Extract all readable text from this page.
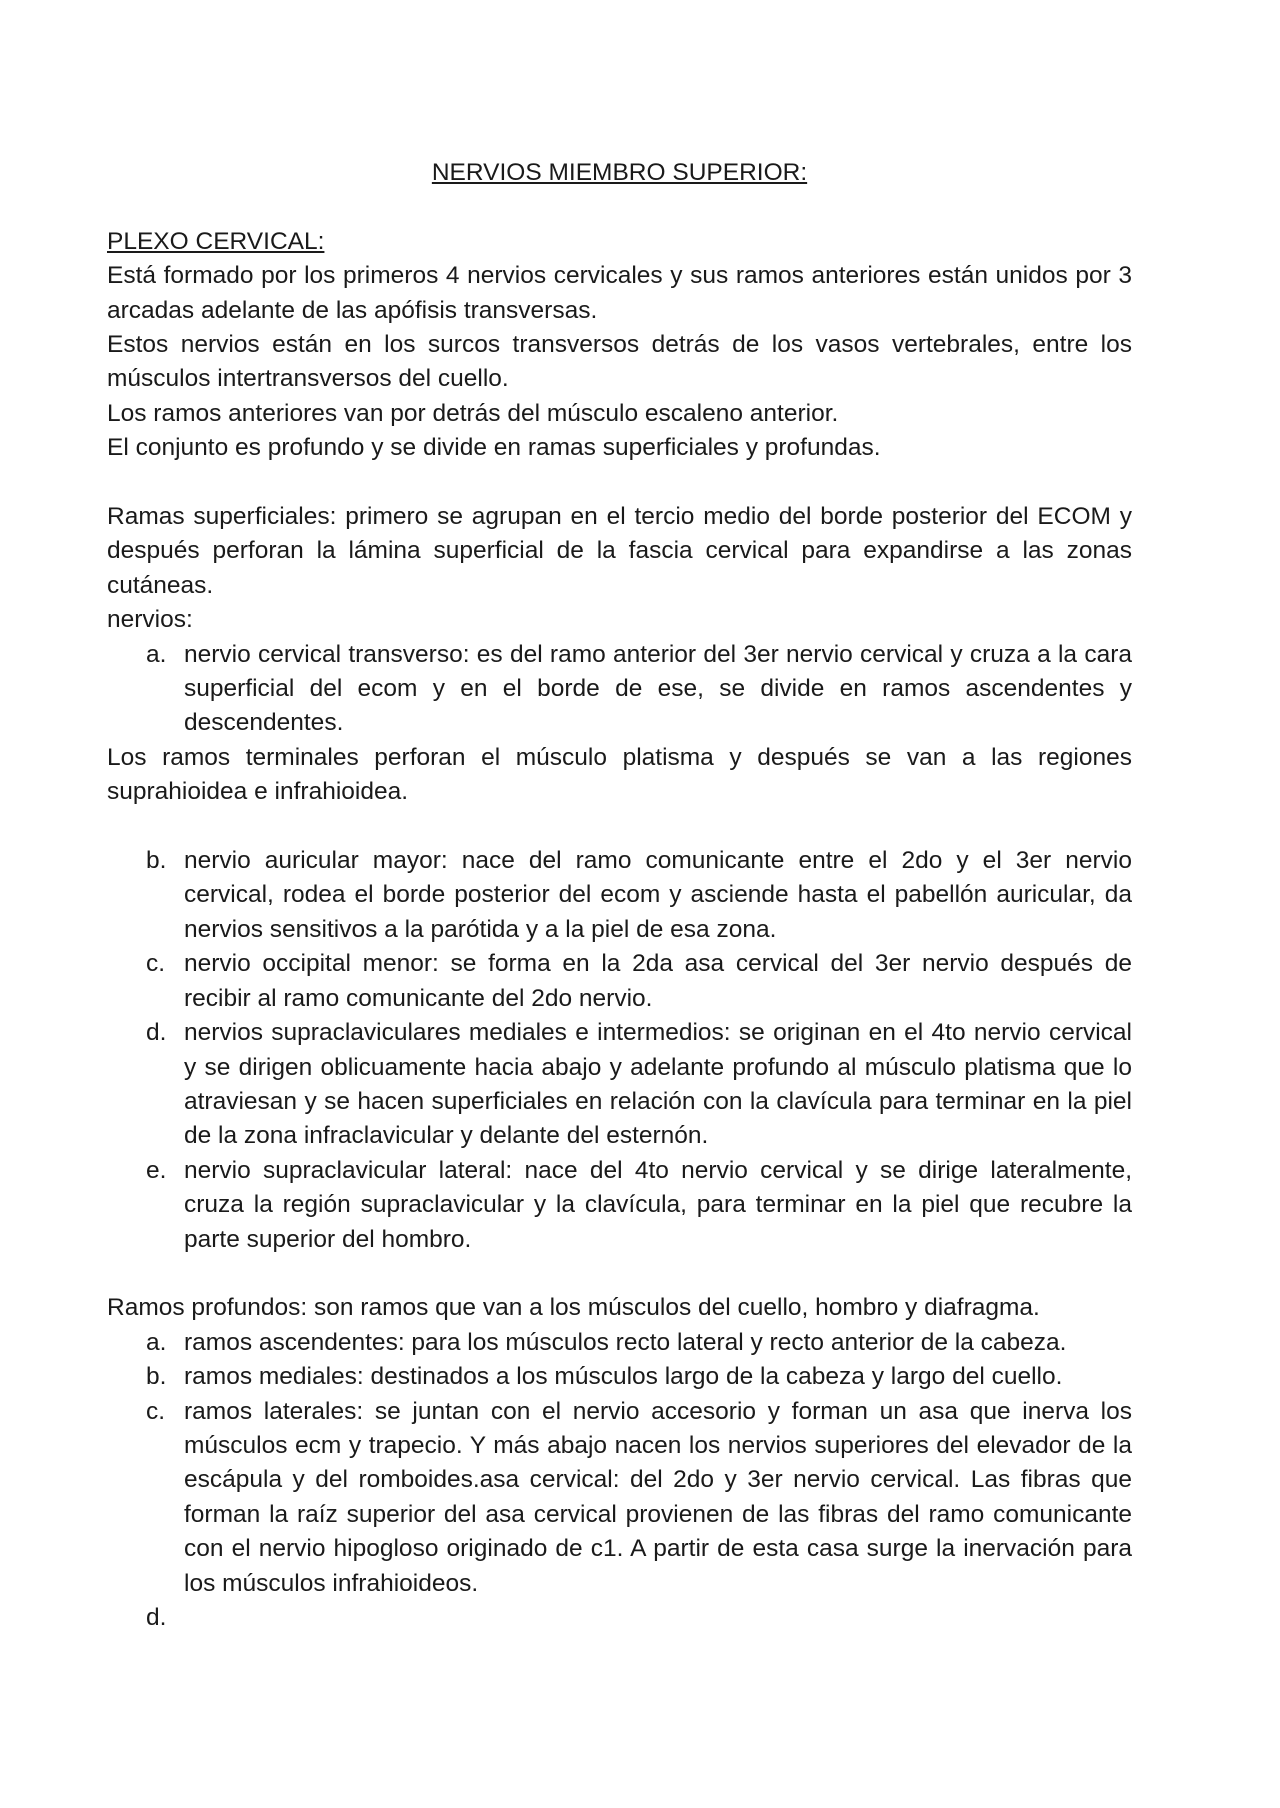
NERVIOS MIEMBRO SUPERIOR:
PLEXO CERVICAL:

Está formado por los primeros 4 nervios cervicales y sus ramos anteriores están unidos por 3 arcadas adelante de las apófisis transversas.

Estos nervios están en los surcos transversos detrás de los vasos vertebrales, entre los músculos intertransversos del cuello.

Los ramos anteriores van por detrás del músculo escaleno anterior.

El conjunto es profundo y se divide en ramas superficiales y profundas.

Ramas superficiales: primero se agrupan en el tercio medio del borde posterior del ECOM y después perforan la lámina superficial de la fascia cervical para expandirse a las zonas cutáneas.

nervios:

a. nervio cervical transverso: es del ramo anterior del 3er nervio cervical y cruza a la cara superficial del ecom y en el borde de ese, se divide en ramos ascendentes y descendentes.

Los ramos terminales perforan el músculo platisma y después se van a las regiones suprahioidea e infrahioidea.

b. nervio auricular mayor: nace del ramo comunicante entre el 2do y el 3er nervio cervical, rodea el borde posterior del ecom y asciende hasta el pabellón auricular, da nervios sensitivos a la parótida y a la piel de esa zona.
c. nervio occipital menor: se forma en la 2da asa cervical del 3er nervio después de recibir al ramo comunicante del 2do nervio.
d. nervios supraclaviculares mediales e intermedios: se originan en el 4to nervio cervical y se dirigen oblicuamente hacia abajo y adelante profundo al músculo platisma que lo atraviesan y se hacen superficiales en relación con la clavícula para terminar en la piel de la zona infraclavicular y delante del esternón.
e. nervio supraclavicular lateral: nace del 4to nervio cervical y se dirige lateralmente, cruza la región supraclavicular y la clavícula, para terminar en la piel que recubre la parte superior del hombro.

Ramos profundos: son ramos que van a los músculos del cuello, hombro y diafragma.

a. ramos ascendentes: para los músculos recto lateral y recto anterior de la cabeza.
b. ramos mediales: destinados a los músculos largo de la cabeza y largo del cuello.
c. ramos laterales: se juntan con el nervio accesorio y forman un asa que inerva los músculos ecm y trapecio. Y más abajo nacen los nervios superiores del elevador de la escápula y del romboides.asa cervical: del 2do y 3er nervio cervical. Las fibras que forman la raíz superior del asa cervical provienen de las fibras del ramo comunicante con el nervio hipogloso originado de c1. A partir de esta casa surge la inervación para los músculos infrahioideos.
d.
